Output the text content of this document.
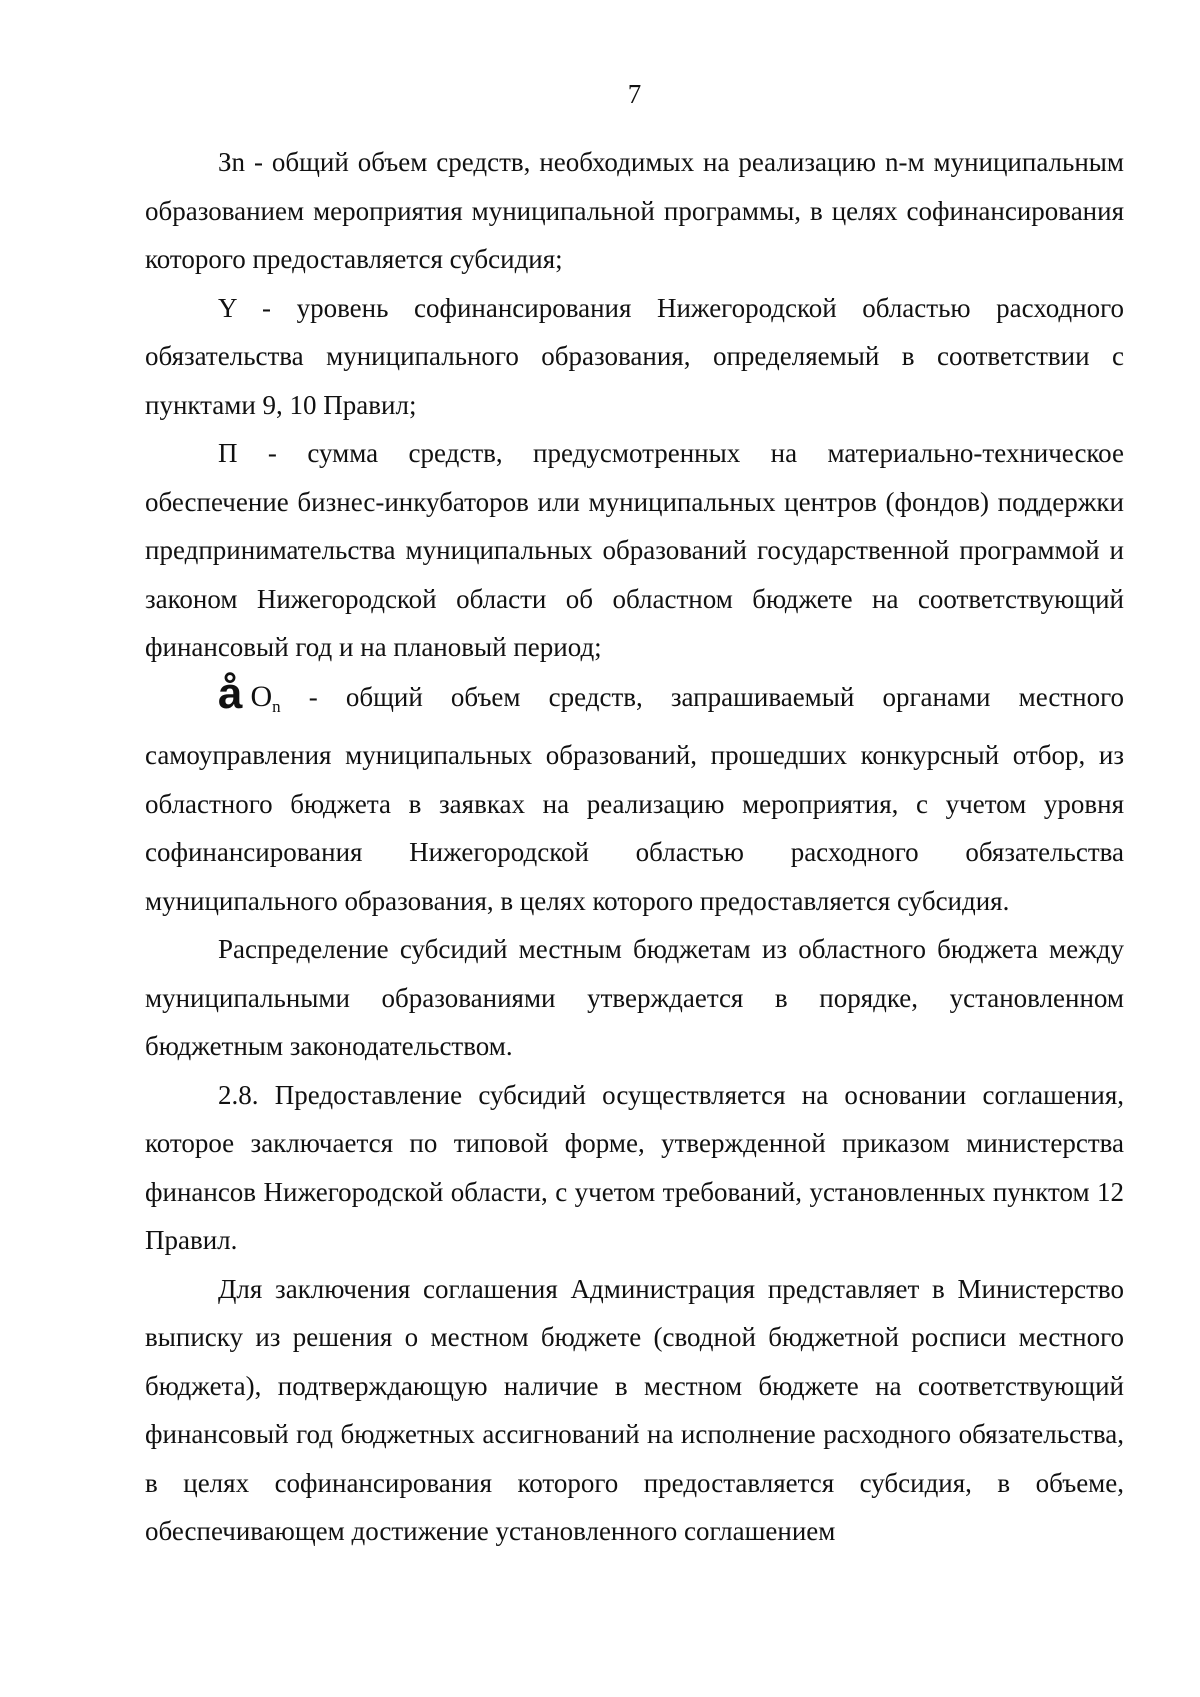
7

Зn - общий объем средств, необходимых на реализацию n-м муниципальным образованием мероприятия муниципальной программы, в целях софинансирования которого предоставляется субсидия;

Y - уровень софинансирования Нижегородской областью расходного обязательства муниципального образования, определяемый в соответствии с пунктами 9, 10 Правил;

П - сумма средств, предусмотренных на материально-техническое обеспечение бизнес-инкубаторов или муниципальных центров (фондов) поддержки предпринимательства муниципальных образований государственной программой и законом Нижегородской области об областном бюджете на соответствующий финансовый год и на плановый период;

å $O_n$ - общий объем средств, запрашиваемый органами местного самоуправления муниципальных образований, прошедших конкурсный отбор, из областного бюджета в заявках на реализацию мероприятия, с учетом уровня софинансирования Нижегородской областью расходного обязательства муниципального образования, в целях которого предоставляется субсидия.

Распределение субсидий местным бюджетам из областного бюджета между муниципальными образованиями утверждается в порядке, установленном бюджетным законодательством.

2.8. Предоставление субсидий осуществляется на основании соглашения, которое заключается по типовой форме, утвержденной приказом министерства финансов Нижегородской области, с учетом требований, установленных пунктом 12 Правил.

Для заключения соглашения Администрация представляет в Министерство выписку из решения о местном бюджете (сводной бюджетной росписи местного бюджета), подтверждающую наличие в местном бюджете на соответствующий финансовый год бюджетных ассигнований на исполнение расходного обязательства, в целях софинансирования которого предоставляется субсидия, в объеме, обеспечивающем достижение установленного соглашением
